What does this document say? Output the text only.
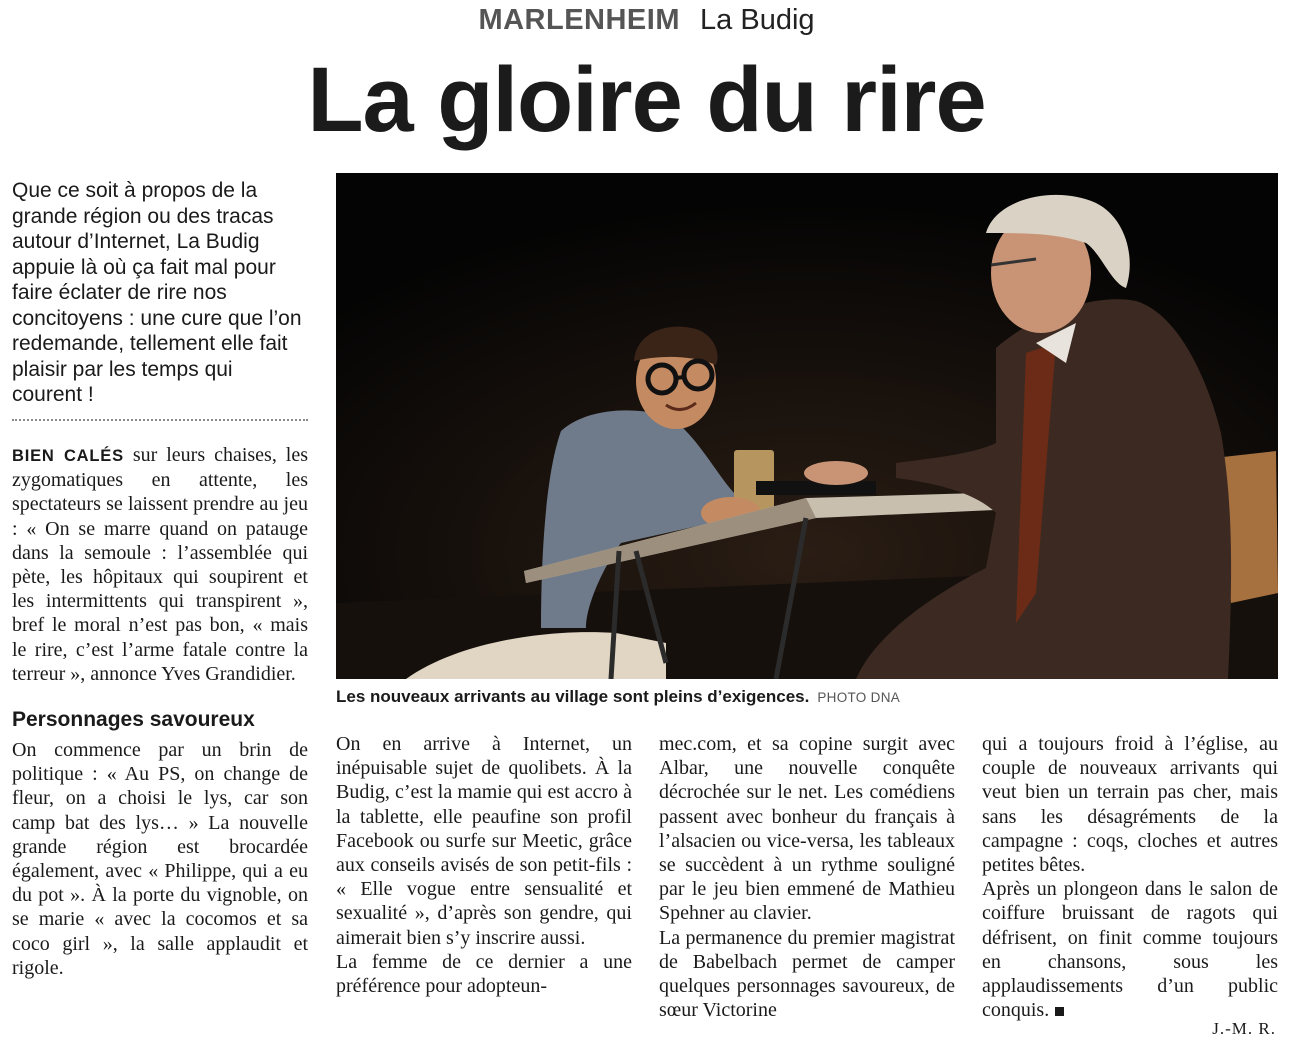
MARLENHEIM La Budig
La gloire du rire
Que ce soit à propos de la grande région ou des tracas autour d’Internet, La Budig appuie là où ça fait mal pour faire éclater de rire nos concitoyens : une cure que l’on redemande, tellement elle fait plaisir par les temps qui courent !

BIEN CALÉS sur leurs chaises, les zygomatiques en attente, les spectateurs se laissent prendre au jeu : « On se marre quand on patauge dans la semoule : l’assemblée qui pète, les hôpitaux qui soupirent et les intermittents qui transpirent », bref le moral n’est pas bon, « mais le rire, c’est l’arme fatale contre la terreur », annonce Yves Grandidier.

Personnages savoureux

On commence par un brin de politique : « Au PS, on change de fleur, on a choisi le lys, car son camp bat des lys… » La nouvelle grande région est brocardée également, avec « Philippe, qui a eu du pot ». À la porte du vignoble, on se marie « avec la cocomos et sa coco girl », la salle applaudit et rigole.

Les nouveaux arrivants au village sont pleins d’exigences. PHOTO DNA

On en arrive à Internet, un inépuisable sujet de quolibets. À la Budig, c’est la mamie qui est accro à la tablette, elle peaufine son profil Facebook ou surfe sur Meetic, grâce aux conseils avisés de son petit-fils : « Elle vogue entre sensualité et sexualité », d’après son gendre, qui aimerait bien s’y inscrire aussi.

La femme de ce dernier a une préférence pour adopteun-

mec.com, et sa copine surgit avec Albar, une nouvelle conquête décrochée sur le net. Les comédiens passent avec bonheur du français à l’alsacien ou vice-versa, les tableaux se succèdent à un rythme souligné par le jeu bien emmené de Mathieu Spehner au clavier.

La permanence du premier magistrat de Babelbach permet de camper quelques personnages savoureux, de sœur Victorine

qui a toujours froid à l’église, au couple de nouveaux arrivants qui veut bien un terrain pas cher, mais sans les désagréments de la campagne : coqs, cloches et autres petites bêtes.

Après un plongeon dans le salon de coiffure bruissant de ragots qui défrisent, on finit comme toujours en chansons, sous les applaudissements d’un public conquis.

J.-M. R.
